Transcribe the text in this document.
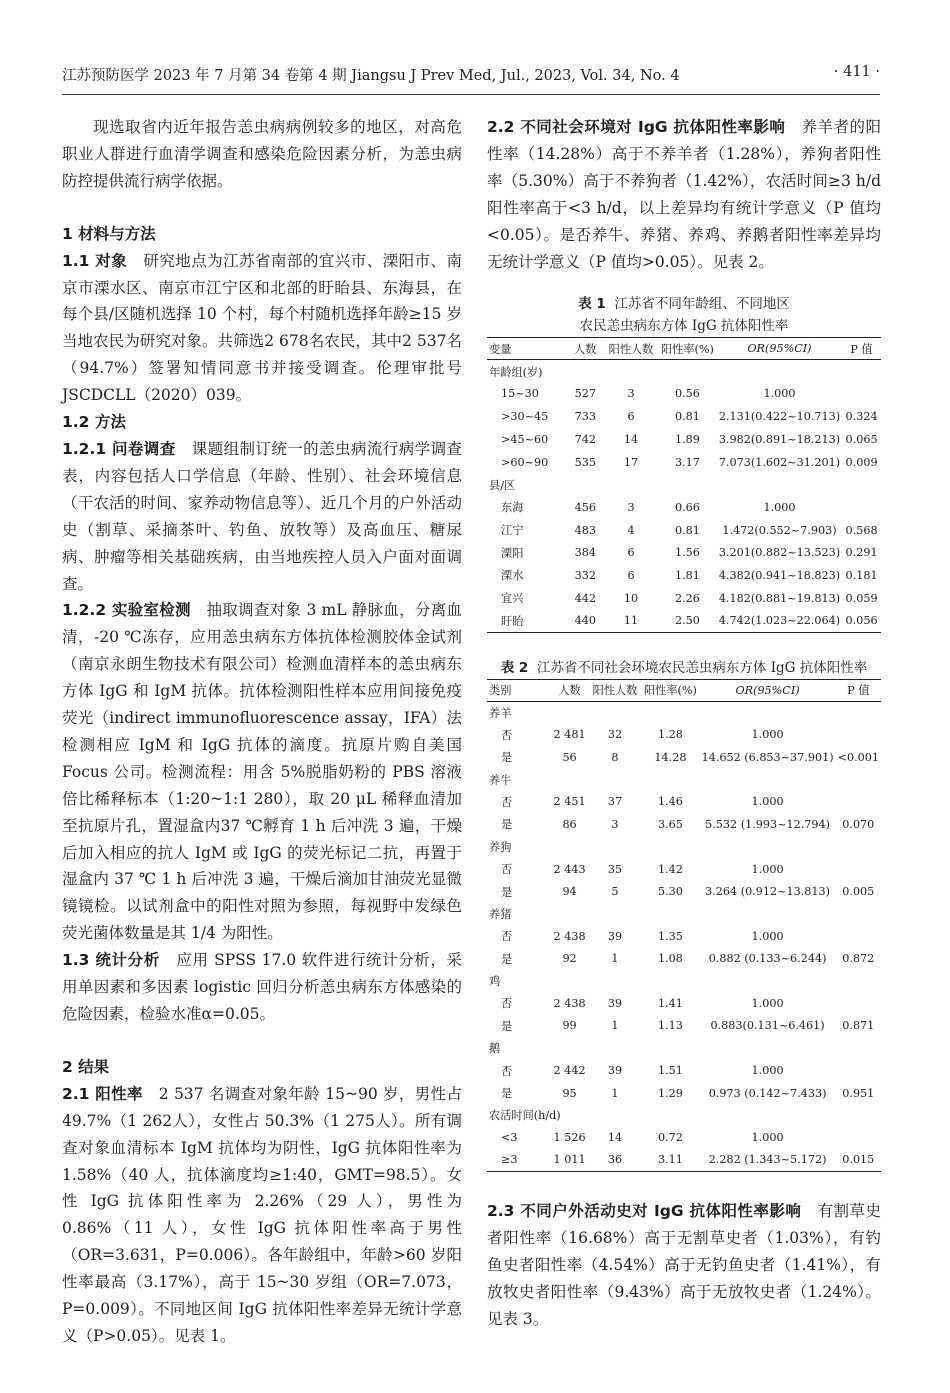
江苏预防医学 2023 年 7 月第 34 卷第 4 期 Jiangsu J Prev Med, Jul., 2023, Vol. 34, No. 4	· 411 ·

现选取省内近年报告恙虫病病例较多的地区，对高危职业人群进行血清学调查和感染危险因素分析，为恙虫病防控提供流行病学依据。

1 材料与方法

1.1 对象 研究地点为江苏省南部的宜兴市、溧阳市、南京市溧水区、南京市江宁区和北部的盱眙县、东海县，在每个县/区随机选择 10 个村，每个村随机选择年龄≥15 岁当地农民为研究对象。共筛选2 678名农民，其中2 537名（94.7%）签署知情同意书并接受调查。伦理审批号 JSCDCLL（2020）039。

1.2 方法

1.2.1 问卷调查 课题组制订统一的恙虫病流行病学调查表，内容包括人口学信息（年龄、性别）、社会环境信息（干农活的时间、家养动物信息等）、近几个月的户外活动史（割草、采摘茶叶、钓鱼、放牧等）及高血压、糖尿病、肿瘤等相关基础疾病，由当地疾控人员入户面对面调查。

1.2.2 实验室检测 抽取调查对象 3 mL 静脉血，分离血清，-20 ℃冻存，应用恙虫病东方体抗体检测胶体金试剂（南京永朗生物技术有限公司）检测血清样本的恙虫病东方体 IgG 和 IgM 抗体。抗体检测阳性样本应用间接免疫荧光（indirect immunofluorescence assay，IFA）法检测相应 IgM 和 IgG 抗体的滴度。抗原片购自美国 Focus 公司。检测流程：用含 5%脱脂奶粉的 PBS 溶液倍比稀释标本（1:20~1:1 280），取 20 μL 稀释血清加至抗原片孔，置湿盒内37 ℃孵育 1 h 后冲洗 3 遍，干燥后加入相应的抗人 IgM 或 IgG 的荧光标记二抗，再置于湿盒内 37 ℃ 1 h 后冲洗 3 遍，干燥后滴加甘油荧光显微镜镜检。以试剂盒中的阳性对照为参照，每视野中发绿色荧光菌体数量是其 1/4 为阳性。

1.3 统计分析 应用 SPSS 17.0 软件进行统计分析，采用单因素和多因素 logistic 回归分析恙虫病东方体感染的危险因素，检验水准α=0.05。

2 结果

2.1 阳性率 2 537 名调查对象年龄 15~90 岁，男性占 49.7%（1 262人），女性占 50.3%（1 275人）。所有调查对象血清标本 IgM 抗体均为阴性，IgG 抗体阳性率为 1.58%（40 人，抗体滴度均≥1:40，GMT=98.5）。女性 IgG 抗体阳性率为 2.26%（29 人），男性为 0.86%（11 人），女性 IgG 抗体阳性率高于男性（OR=3.631，P=0.006）。各年龄组中，年龄>60 岁阳性率最高（3.17%），高于 15~30 岁组（OR=7.073，P=0.009）。不同地区间 IgG 抗体阳性率差异无统计学意义（P>0.05）。见表 1。

2.2 不同社会环境对 IgG 抗体阳性率影响 养羊者的阳性率（14.28%）高于不养羊者（1.28%），养狗者阳性率（5.30%）高于不养狗者（1.42%），农活时间≥3 h/d 阳性率高于<3 h/d，以上差异均有统计学意义（P 值均<0.05）。是否养牛、养猪、养鸡、养鹅者阳性率差异均无统计学意义（P 值均>0.05）。见表 2。

表 1 江苏省不同年龄组、不同地区

农民恙虫病东方体 IgG 抗体阳性率

变量	人数	阳性人数	阳性率(%)	OR(95%CI)	P 值
年龄组(岁)					
15~30	527	3	0.56	1.000	
>30~45	733	6	0.81	2.131(0.422~10.713)	0.324
>45~60	742	14	1.89	3.982(0.891~18.213)	0.065
>60~90	535	17	3.17	7.073(1.602~31.201)	0.009
县/区					
东海	456	3	0.66	1.000	
江宁	483	4	0.81	1.472(0.552~7.903)	0.568
溧阳	384	6	1.56	3.201(0.882~13.523)	0.291
溧水	332	6	1.81	4.382(0.941~18.823)	0.181
宜兴	442	10	2.26	4.182(0.881~19.813)	0.059
盱眙	440	11	2.50	4.742(1.023~22.064)	0.056

表 2 江苏省不同社会环境农民恙虫病东方体 IgG 抗体阳性率

类别	人数	阳性人数	阳性率(%)	OR(95%CI)	P 值
养羊					
否	2 481	32	1.28	1.000	
是	56	8	14.28	14.652 (6.853~37.901)	<0.001
养牛					
否	2 451	37	1.46	1.000	
是	86	3	3.65	5.532 (1.993~12.794)	0.070
养狗					
否	2 443	35	1.42	1.000	
是	94	5	5.30	3.264 (0.912~13.813)	0.005
养猪					
否	2 438	39	1.35	1.000	
是	92	1	1.08	0.882 (0.133~6.244)	0.872
鸡					
否	2 438	39	1.41	1.000	
是	99	1	1.13	0.883(0.131~6.461)	0.871
鹅					
否	2 442	39	1.51	1.000	
是	95	1	1.29	0.973 (0.142~7.433)	0.951
农活时间(h/d)					
<3	1 526	14	0.72	1.000	
≥3	1 011	36	3.11	2.282 (1.343~5.172)	0.015

2.3 不同户外活动史对 IgG 抗体阳性率影响 有割草史者阳性率（16.68%）高于无割草史者（1.03%），有钓鱼史者阳性率（4.54%）高于无钓鱼史者（1.41%），有放牧史者阳性率（9.43%）高于无放牧史者（1.24%）。见表 3。
